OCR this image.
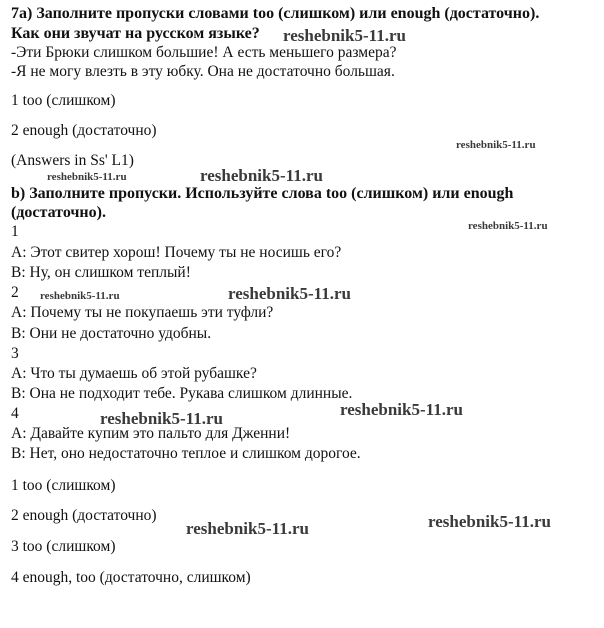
7a) Заполните пропуски словами too (слишком) или enough (достаточно).
Как они звучат на русском языке?
-Эти Брюки слишком большие! А есть меньшего размера?
-Я не могу влезть в эту юбку. Она не достаточно большая.
1 too (слишком)
2 enough (достаточно)
(Answers in Ss' L1)
b) Заполните пропуски. Используйте слова too (слишком) или enough
(достаточно).
1
A: Этот свитер хорош! Почему ты не носишь его?
B: Ну, он слишком теплый!
2
A: Почему ты не покупаешь эти туфли?
B: Они не достаточно удобны.
3
A: Что ты думаешь об этой рубашке?
B: Она не подходит тебе. Рукава слишком длинные.
4
A: Давайте купим это пальто для Дженни!
B: Нет, оно недостаточно теплое и слишком дорогое.
1 too (слишком)
2 enough (достаточно)
3 too (слишком)
4 enough, too (достаточно, слишком)
reshebnik5-11.ru
reshebnik5-11.ru
reshebnik5-11.ru
reshebnik5-11.ru
reshebnik5-11.ru
reshebnik5-11.ru
reshebnik5-11.ru
reshebnik5-11.ru
reshebnik5-11.ru
reshebnik5-11.ru
reshebnik5-11.ru
